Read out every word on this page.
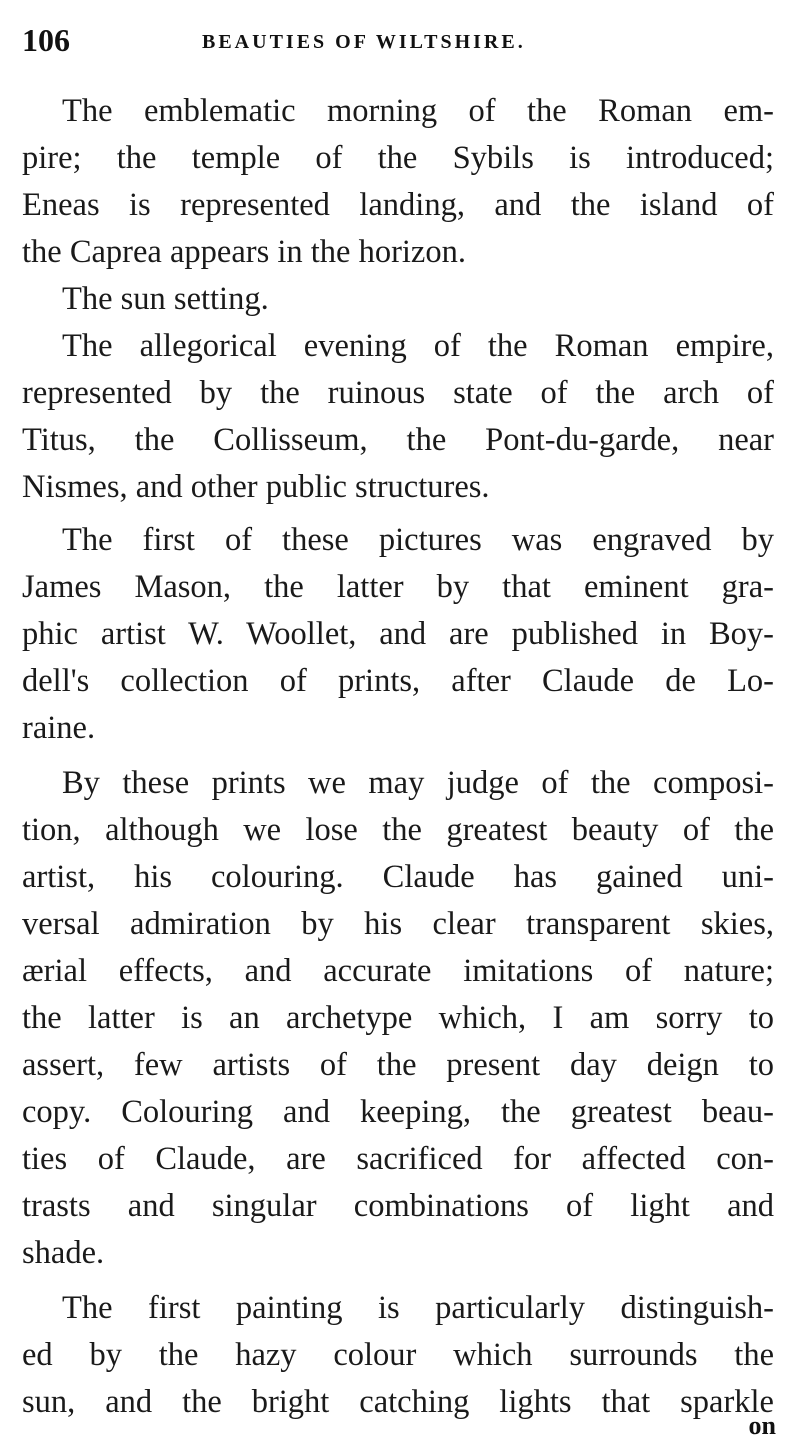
106	BEAUTIES OF WILTSHIRE.
The emblematic morning of the Roman em-
pire; the temple of the Sybils is introduced;
Eneas is represented landing, and the island of
the Caprea appears in the horizon.
The sun setting.
The allegorical evening of the Roman empire,
represented by the ruinous state of the arch of
Titus, the Collisseum, the Pont-du-garde, near
Nismes, and other public structures.
The first of these pictures was engraved by
James Mason, the latter by that eminent gra-
phic artist W. Woollet, and are published in Boy-
dell's collection of prints, after Claude de Lo-
raine.
By these prints we may judge of the composi-
tion, although we lose the greatest beauty of the
artist, his colouring. Claude has gained uni-
versal admiration by his clear transparent skies,
ærial effects, and accurate imitations of nature;
the latter is an archetype which, I am sorry to
assert, few artists of the present day deign to
copy. Colouring and keeping, the greatest beau-
ties of Claude, are sacrificed for affected con-
trasts and singular combinations of light and
shade.
The first painting is particularly distinguish-
ed by the hazy colour which surrounds the
sun, and the bright catching lights that sparkle
on
